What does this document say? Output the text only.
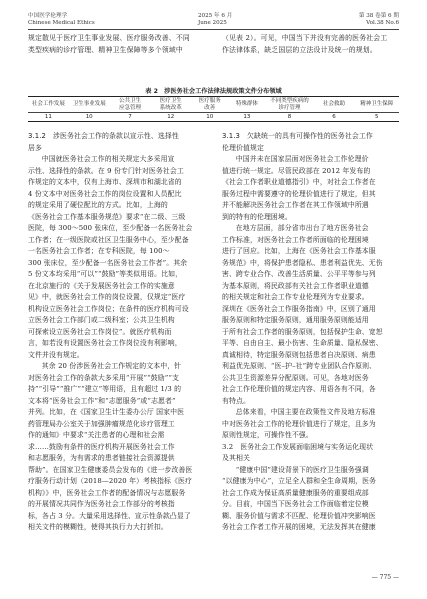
中国医学伦理学
Chinese Medical Ethics
2025 年 6 月
June 2025
第 38 卷第 6 期
Vol.38 No.6

规定散见于医疗卫生事业发展、医疗服务改善、不同

类型疾病的诊疗管理、精神卫生保障等多个领域中

（见表 2）。可见，中国当下并没有完善的医务社会工

作法律体系，缺乏国层的立法设计及统一的规划。

表 2　涉医务社会工作法律法规政策文件分布领域
社会工作发展	卫生事业发展	公共卫生
应急管理	医疗卫生
系统改革	医疗服务
改善	特殊群体	不同类型疾病的
诊疗管理	社会救助	精神卫生保障
11	10	7	12	10	13	8	6	5

3.1.2　涉医务社会工作的条款以宣示性、选择性
居多

中国就医务社会工作的相关规定大多采用宣
示性、选择性的条款。在 9 份专门针对医务社会工
作规定的文本中，仅有上海市、深圳市和湖北省的
4 份文本中对医务社会工作的岗位设置和人员配比
的规定采用了硬位配比的方式。比如，上海的
《医务社会工作基本服务规范》要求“在二级、三级
医院，每 300～500 张床位，至少配备一名医务社会
工作者；在一级医院或社区卫生服务中心，至少配备
一名医务社会工作者；在专科医院，每 100～
300 张床位，至少配备一名医务社会工作者”。其余
5 份文本均采用“可以”“鼓励”等类似用语。比如，
在北京施行的《关于发展医务社会工作的实施意
见》中，就医务社会工作的岗位设置，仅规定“医疗
机构设立医务社会工作岗位；在条件的医疗机构可设
立医务社会工作部门或二级科室；公共卫生机构
可探索设立医务社会工作岗位”。就医疗机构而
言，如若没有设置医务社会工作岗位没有利影响，
文件并没有规定。

其余 20 份涉医务社会工作规定的文本中，针
对医务社会工作的条款大多采用“开展”“鼓励”“支
持”“引导”“推广”“建立”等用语，且有超过 1/3 的
文本将“医务社会工作”和“志愿服务”或“志愿者”
并列。比如，在《国家卫生计生委办公厅 国家中医
药管理局办公室关于加强肿瘤规范化诊疗管理工
作的通知》中要求“关注患者的心理和社会需
求……鼓励有条件的医疗机构开展医务社会工作
和志愿服务，为有需求的患者链接社会资源提供
帮助”。在国家卫生健康委员会发布的《进一步改善医
疗服务行动计划（2018—2020 年）考核指标《医疗
机构》》中，医务社会工作者的配备情况与志愿服务
的开展情况共同作为医务社会工作部分的考核指
标，各占 3 分。大量采用选择性、宣示性条款凸显了
相关文件的模糊性，使得其执行力大打折扣。

3.1.3　欠缺统一的具有可操作性的医务社会工作
伦理价值规定

中国并未在国家层面对医务社会工作伦理价
值进行统一规定。尽管民政部在 2012 年发布的
《社会工作者职业道德指引》中，对社会工作者在
服务过程中需要遵守的伦理价值进行了规定，但其
并不能解决医务社会工作者在其工作领域中所遇
到的特有的伦理困境。

在地方层面，部分省市出台了地方医务社会
工作标准，对医务社会工作者所面临的伦理困境
进行了回应。比如，上海在《医务社会工作基本服
务规范》中，将保护患者隐私、患者利益优先、无伤
害、跨专业合作、改善生活质量、公平平等参与列
为基本原则，将民政部有关社会工作者职业道德
的相关规定和社会工作专业伦理列为专业要求。
深圳在《医务社会工作服务指南》中，区别了通用
服务原则和特定服务原则，通用服务原则能适用
于所有社会工作者的服务原则，包括保护生命、宽恕
平等、自由自主、最小伤害、生命质量、隐私保密、
真诚相待，特定服务原则包括患者自决原则、病患
利益优先原则、“医–护–社”跨专业团队合作原则、
公共卫生资源差异分配原则。可见，各地对医务
社会工作伦理价值的规定内容、用语各有不同，各
有特点。

总体来看，中国主要在政策性文件及地方标准
中对医务社会工作的伦理价值进行了规定，且多为
原则性规定，可操作性不强。

3.2　医务社会工作发展面临困境与实务运化现状
及其相关

“健康中国”建设背景下的医疗卫生服务强调
“以健康为中心”，立足全人群和全生命周期，医务
社会工作成为保证高质量健康服务的重要组成部
分。目前，中国当下医务社会工作面临着定位模
糊、服务价值与需求不匹配、伦理价值冲突影响医
务社会工作者工作开展的困境，无法发挥其在健康

— 775 —
